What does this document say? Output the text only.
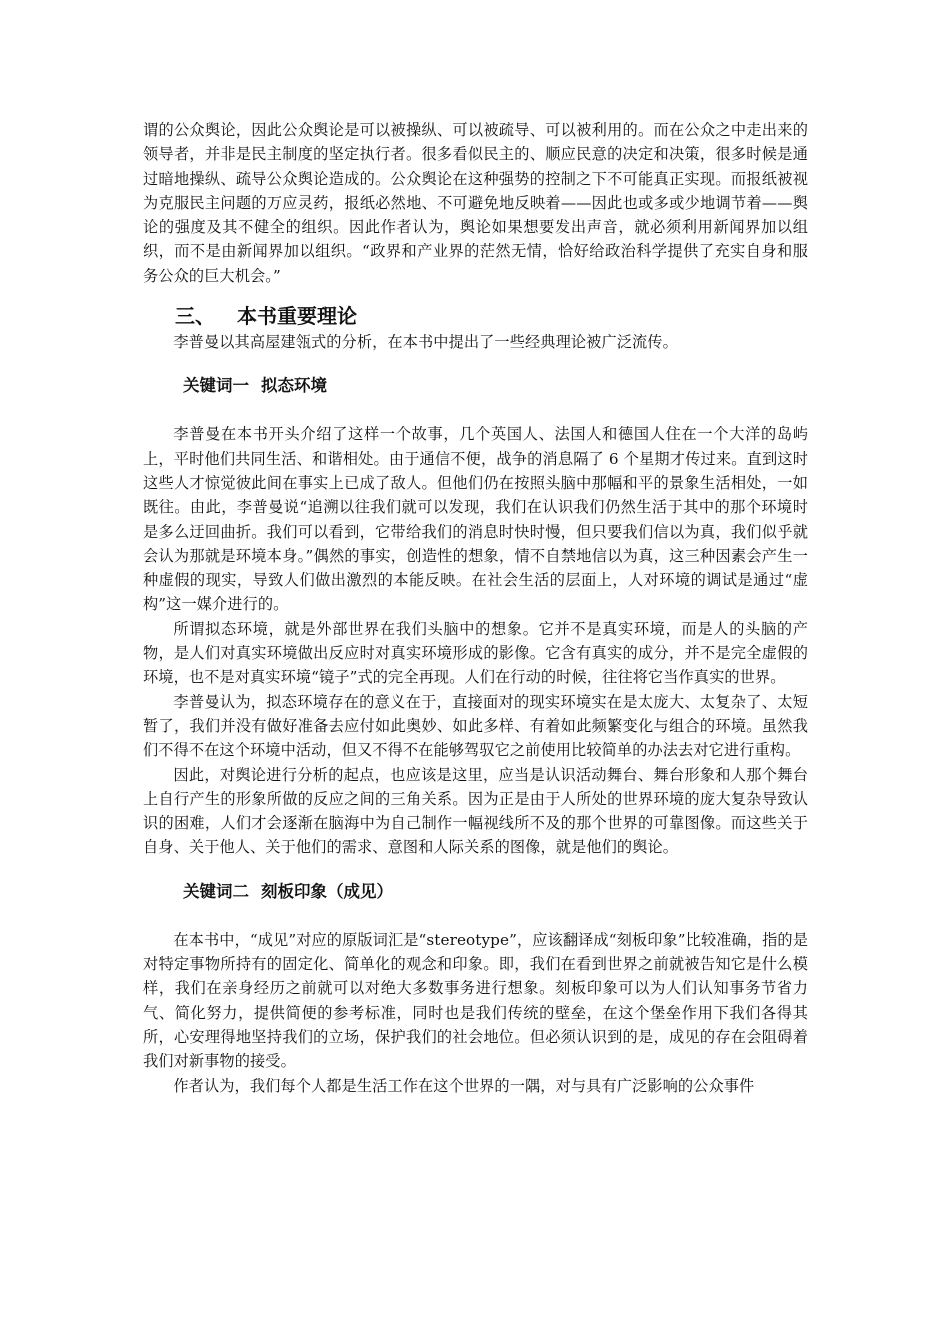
谓的公众舆论，因此公众舆论是可以被操纵、可以被疏导、可以被利用的。而在公众之中走出来的领导者，并非是民主制度的坚定执行者。很多看似民主的、顺应民意的决定和决策，很多时候是通过暗地操纵、疏导公众舆论造成的。公众舆论在这种强势的控制之下不可能真正实现。而报纸被视为克服民主问题的万应灵药，报纸必然地、不可避免地反映着——因此也或多或少地调节着——舆论的强度及其不健全的组织。因此作者认为，舆论如果想要发出声音，就必须利用新闻界加以组织，而不是由新闻界加以组织。“政界和产业界的茫然无情，恰好给政治科学提供了充实自身和服务公众的巨大机会。”

三、 本书重要理论

李普曼以其高屋建瓴式的分析，在本书中提出了一些经典理论被广泛流传。

关键词一 拟态环境

李普曼在本书开头介绍了这样一个故事，几个英国人、法国人和德国人住在一个大洋的岛屿上，平时他们共同生活、和谐相处。由于通信不便，战争的消息隔了 6 个星期才传过来。直到这时这些人才惊觉彼此间在事实上已成了敌人。但他们仍在按照头脑中那幅和平的景象生活相处，一如既往。由此，李普曼说“追溯以往我们就可以发现，我们在认识我们仍然生活于其中的那个环境时是多么迂回曲折。我们可以看到，它带给我们的消息时快时慢，但只要我们信以为真，我们似乎就会认为那就是环境本身。”偶然的事实，创造性的想象，情不自禁地信以为真，这三种因素会产生一种虚假的现实，导致人们做出激烈的本能反映。在社会生活的层面上，人对环境的调试是通过“虚构”这一媒介进行的。

所谓拟态环境，就是外部世界在我们头脑中的想象。它并不是真实环境，而是人的头脑的产物，是人们对真实环境做出反应时对真实环境形成的影像。它含有真实的成分，并不是完全虚假的环境，也不是对真实环境“镜子”式的完全再现。人们在行动的时候，往往将它当作真实的世界。

李普曼认为，拟态环境存在的意义在于，直接面对的现实环境实在是太庞大、太复杂了、太短暂了，我们并没有做好准备去应付如此奥妙、如此多样、有着如此频繁变化与组合的环境。虽然我们不得不在这个环境中活动，但又不得不在能够驾驭它之前使用比较简单的办法去对它进行重构。

因此，对舆论进行分析的起点，也应该是这里，应当是认识活动舞台、舞台形象和人那个舞台上自行产生的形象所做的反应之间的三角关系。因为正是由于人所处的世界环境的庞大复杂导致认识的困难，人们才会逐渐在脑海中为自己制作一幅视线所不及的那个世界的可靠图像。而这些关于自身、关于他人、关于他们的需求、意图和人际关系的图像，就是他们的舆论。

关键词二 刻板印象（成见）

在本书中，“成见”对应的原版词汇是“stereotype”，应该翻译成“刻板印象”比较准确，指的是对特定事物所持有的固定化、简单化的观念和印象。即，我们在看到世界之前就被告知它是什么模样，我们在亲身经历之前就可以对绝大多数事务进行想象。刻板印象可以为人们认知事务节省力气、简化努力，提供简便的参考标准，同时也是我们传统的壁垒，在这个堡垒作用下我们各得其所，心安理得地坚持我们的立场，保护我们的社会地位。但必须认识到的是，成见的存在会阻碍着我们对新事物的接受。

作者认为，我们每个人都是生活工作在这个世界的一隅，对与具有广泛影响的公众事件
